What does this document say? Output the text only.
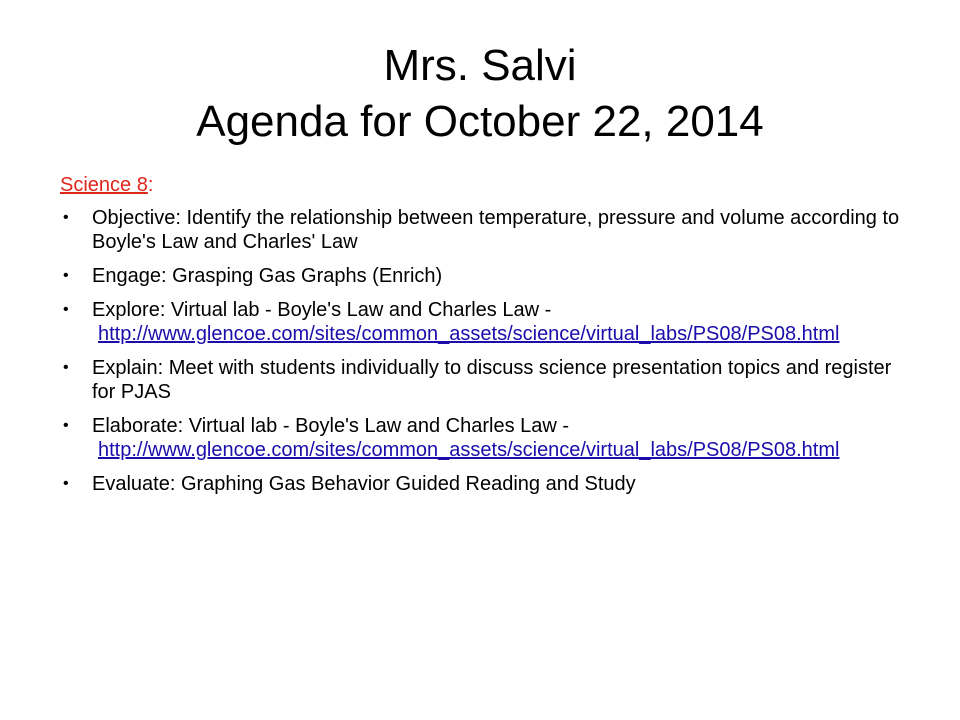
Mrs. Salvi
Agenda for October 22, 2014
Science 8:
• Objective: Identify the relationship between temperature, pressure and volume according to Boyle's Law and Charles' Law
• Engage: Grasping Gas Graphs (Enrich)
• Explore: Virtual lab - Boyle's Law and Charles Law -
http://www.glencoe.com/sites/common_assets/science/virtual_labs/PS08/PS08.html
• Explain: Meet with students individually to discuss science presentation topics and register for PJAS
• Elaborate: Virtual lab - Boyle's Law and Charles Law -
http://www.glencoe.com/sites/common_assets/science/virtual_labs/PS08/PS08.html
• Evaluate: Graphing Gas Behavior Guided Reading and Study
